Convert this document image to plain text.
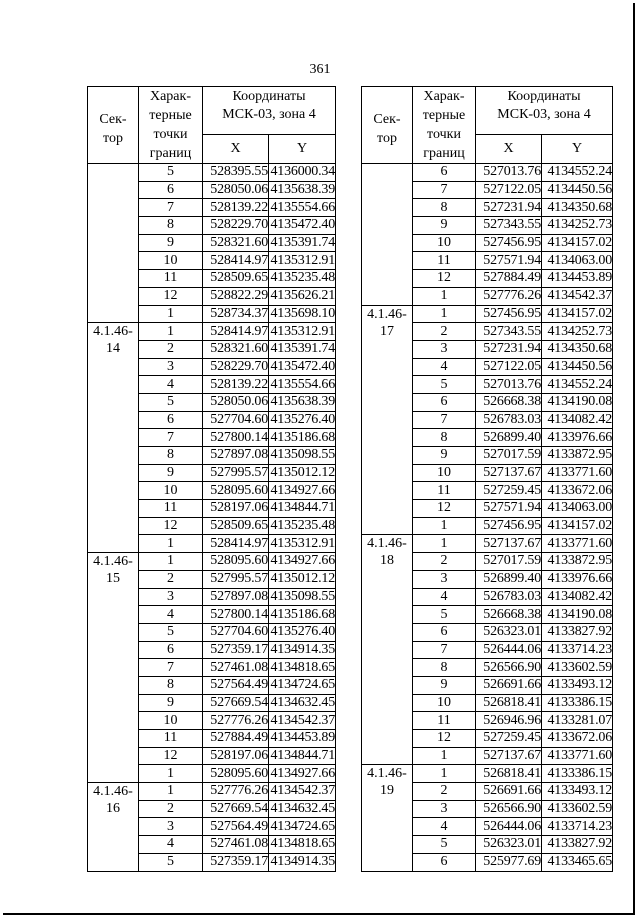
361
Сек-
тор	Харак-
терные
точки
границ	Координаты
МСК-03, зона 4	
		X	Y
	5	528395.55	4136000.34
	6	528050.06	4135638.39
	7	528139.22	4135554.66
	8	528229.70	4135472.40
	9	528321.60	4135391.74
	10	528414.97	4135312.91
	11	528509.65	4135235.48
	12	528822.29	4135626.21
	1	528734.37	4135698.10
4.1.46-
14	1	528414.97	4135312.91
	2	528321.60	4135391.74
	3	528229.70	4135472.40
	4	528139.22	4135554.66
	5	528050.06	4135638.39
	6	527704.60	4135276.40
	7	527800.14	4135186.68
	8	527897.08	4135098.55
	9	527995.57	4135012.12
	10	528095.60	4134927.66
	11	528197.06	4134844.71
	12	528509.65	4135235.48
	1	528414.97	4135312.91
4.1.46-
15	1	528095.60	4134927.66
	2	527995.57	4135012.12
	3	527897.08	4135098.55
	4	527800.14	4135186.68
	5	527704.60	4135276.40
	6	527359.17	4134914.35
	7	527461.08	4134818.65
	8	527564.49	4134724.65
	9	527669.54	4134632.45
	10	527776.26	4134542.37
	11	527884.49	4134453.89
	12	528197.06	4134844.71
	1	528095.60	4134927.66
4.1.46-
16	1	527776.26	4134542.37
	2	527669.54	4134632.45
	3	527564.49	4134724.65
	4	527461.08	4134818.65
	5	527359.17	4134914.35
Сек-
тор	Харак-
терные
точки
границ	Координаты
МСК-03, зона 4	
		X	Y
	6	527013.76	4134552.24
	7	527122.05	4134450.56
	8	527231.94	4134350.68
	9	527343.55	4134252.73
	10	527456.95	4134157.02
	11	527571.94	4134063.00
	12	527884.49	4134453.89
	1	527776.26	4134542.37
4.1.46-
17	1	527456.95	4134157.02
	2	527343.55	4134252.73
	3	527231.94	4134350.68
	4	527122.05	4134450.56
	5	527013.76	4134552.24
	6	526668.38	4134190.08
	7	526783.03	4134082.42
	8	526899.40	4133976.66
	9	527017.59	4133872.95
	10	527137.67	4133771.60
	11	527259.45	4133672.06
	12	527571.94	4134063.00
	1	527456.95	4134157.02
4.1.46-
18	1	527137.67	4133771.60
	2	527017.59	4133872.95
	3	526899.40	4133976.66
	4	526783.03	4134082.42
	5	526668.38	4134190.08
	6	526323.01	4133827.92
	7	526444.06	4133714.23
	8	526566.90	4133602.59
	9	526691.66	4133493.12
	10	526818.41	4133386.15
	11	526946.96	4133281.07
	12	527259.45	4133672.06
	1	527137.67	4133771.60
4.1.46-
19	1	526818.41	4133386.15
	2	526691.66	4133493.12
	3	526566.90	4133602.59
	4	526444.06	4133714.23
	5	526323.01	4133827.92
	6	525977.69	4133465.65
